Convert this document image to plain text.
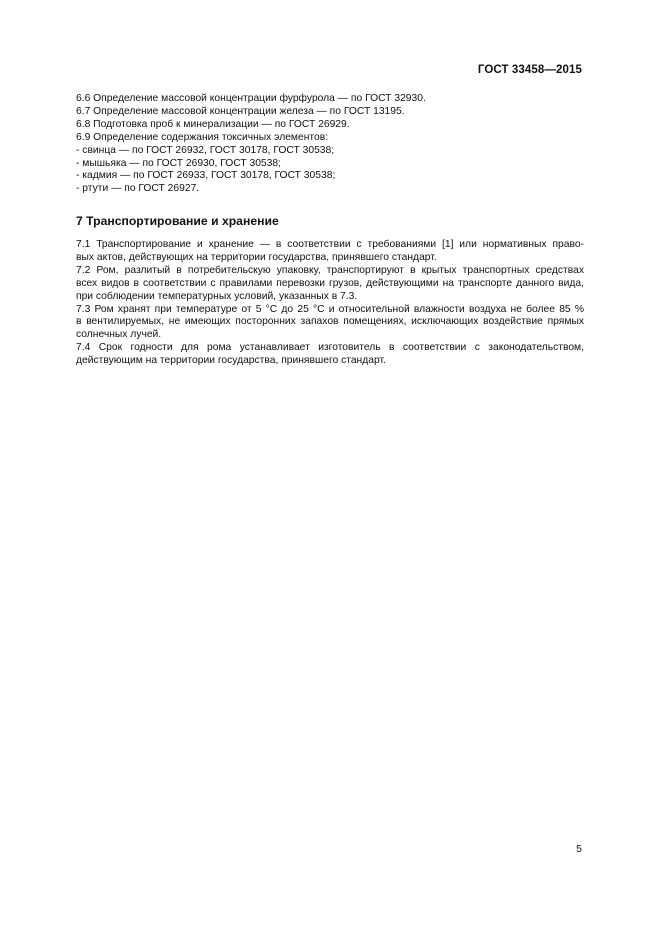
ГОСТ 33458—2015
6.6 Определение массовой концентрации фурфурола — по ГОСТ 32930.
6.7 Определение массовой концентрации железа — по ГОСТ 13195.
6.8 Подготовка проб к минерализации — по ГОСТ 26929.
6.9 Определение содержания токсичных элементов:
- свинца — по ГОСТ 26932, ГОСТ 30178, ГОСТ 30538;
- мышьяка — по ГОСТ 26930, ГОСТ 30538;
- кадмия — по ГОСТ 26933, ГОСТ 30178, ГОСТ 30538;
- ртути — по ГОСТ 26927.
7 Транспортирование и хранение
7.1 Транспортирование и хранение — в соответствии с требованиями [1] или нормативных право-
вых актов, действующих на территории государства, принявшего стандарт.
7.2 Ром, разлитый в потребительскую упаковку, транспортируют в крытых транспортных средствах
всех видов в соответствии с правилами перевозки грузов, действующими на транспорте данного вида,
при соблюдении температурных условий, указанных в 7.3.
7.3 Ром хранят при температуре от 5 °С до 25 °С и относительной влажности воздуха не более 85 %
в вентилируемых, не имеющих посторонних запахов помещениях, исключающих воздействие прямых
солнечных лучей.
7.4 Срок годности для рома устанавливает изготовитель в соответствии с законодательством,
действующим на территории государства, принявшего стандарт.
5
